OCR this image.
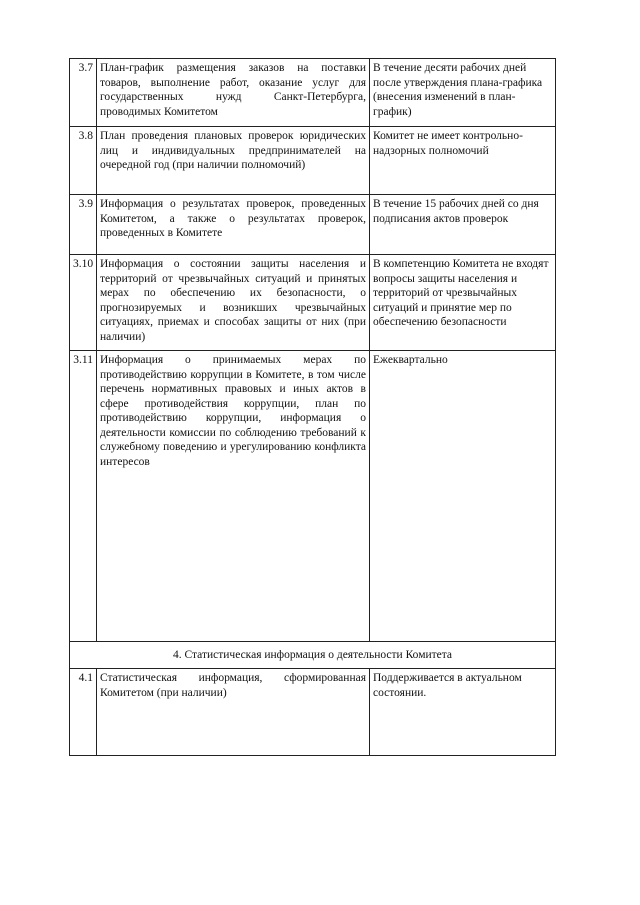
3.7	План-график размещения заказов на поставки товаров, выполнение работ, оказание услуг для государственных нужд Санкт-Петербурга, проводимых Комитетом	В течение десяти рабочих дней после утверждения плана-графика (внесения изменений в план-график)
3.8	План проведения плановых проверок юридических лиц и индивидуальных предпринимателей на очередной год (при наличии полномочий)	Комитет не имеет контрольно-надзорных полномочий
3.9	Информация о результатах проверок, проведенных Комитетом, а также о результатах проверок, проведенных в Комитете	В течение 15 рабочих дней со дня подписания актов проверок
3.10	Информация о состоянии защиты населения и территорий от чрезвычайных ситуаций и принятых мерах по обеспечению их безопасности, о прогнозируемых и возникших чрезвычайных ситуациях, приемах и способах защиты от них (при наличии)	В компетенцию Комитета не входят вопросы защиты населения и территорий от чрезвычайных ситуаций и принятие мер по обеспечению безопасности
3.11	Информация о принимаемых мерах по противодействию коррупции в Комитете, в том числе перечень нормативных правовых и иных актов в сфере противодействия коррупции, план по противодействию коррупции, информация о деятельности комиссии по соблюдению требований к служебному поведению и урегулированию конфликта интересов	Ежеквартально
4. Статистическая информация о деятельности Комитета		
4.1	Статистическая информация, сформированная Комитетом (при наличии)	Поддерживается в актуальном состоянии.
